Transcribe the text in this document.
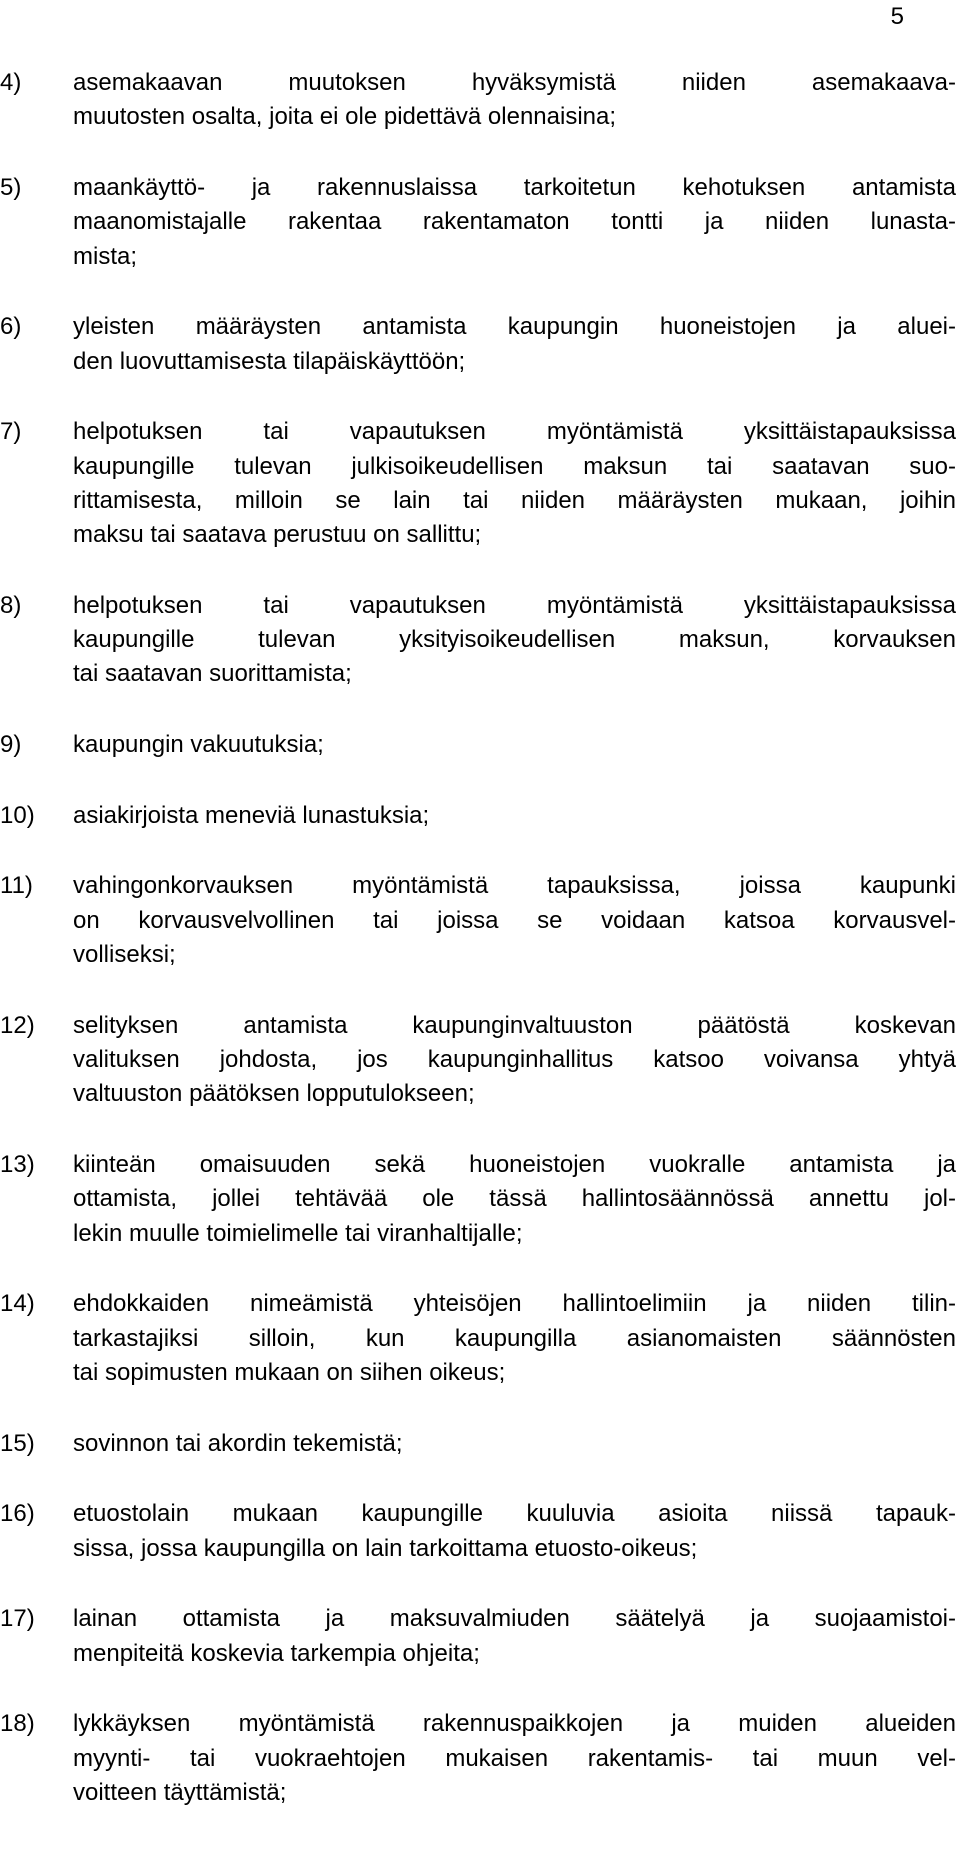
5
4)	asemakaavan muutoksen hyväksymistä niiden asemakaava-
muutosten osalta, joita ei ole pidettävä olennaisina;
5)	maankäyttö- ja rakennuslaissa tarkoitetun kehotuksen antamista
maanomistajalle rakentaa rakentamaton tontti ja niiden lunasta-
mista;
6)	yleisten määräysten antamista kaupungin huoneistojen ja aluei-
den luovuttamisesta tilapäiskäyttöön;
7)	helpotuksen tai vapautuksen myöntämistä yksittäistapauksissa
kaupungille tulevan julkisoikeudellisen maksun tai saatavan suo-
rittamisesta, milloin se lain tai niiden määräysten mukaan, joihin
maksu tai saatava perustuu on sallittu;
8)	helpotuksen tai vapautuksen myöntämistä yksittäistapauksissa
kaupungille tulevan yksityisoikeudellisen maksun, korvauksen
tai saatavan suorittamista;
9)	kaupungin vakuutuksia;
10)	asiakirjoista meneviä lunastuksia;
11)	vahingonkorvauksen myöntämistä tapauksissa, joissa kaupunki
on korvausvelvollinen tai joissa se voidaan katsoa korvausvel-
volliseksi;
12)	selityksen antamista kaupunginvaltuuston päätöstä koskevan
valituksen johdosta, jos kaupunginhallitus katsoo voivansa yhtyä
valtuuston päätöksen lopputulokseen;
13)	kiinteän omaisuuden sekä huoneistojen vuokralle antamista ja
ottamista, jollei tehtävää ole tässä hallintosäännössä annettu jol-
lekin muulle toimielimelle tai viranhaltijalle;
14)	ehdokkaiden nimeämistä yhteisöjen hallintoelimiin ja niiden tilin-
tarkastajiksi silloin, kun kaupungilla asianomaisten säännösten
tai sopimusten mukaan on siihen oikeus;
15)	sovinnon tai akordin tekemistä;
16)	etuostolain mukaan kaupungille kuuluvia asioita niissä tapauk-
sissa, jossa kaupungilla on lain tarkoittama etuosto-oikeus;
17)	lainan ottamista ja maksuvalmiuden säätelyä ja suojaamistoi-
menpiteitä koskevia tarkempia ohjeita;
18)	lykkäyksen myöntämistä rakennuspaikkojen ja muiden alueiden
myynti- tai vuokraehtojen mukaisen rakentamis- tai muun vel-
voitteen täyttämistä;
